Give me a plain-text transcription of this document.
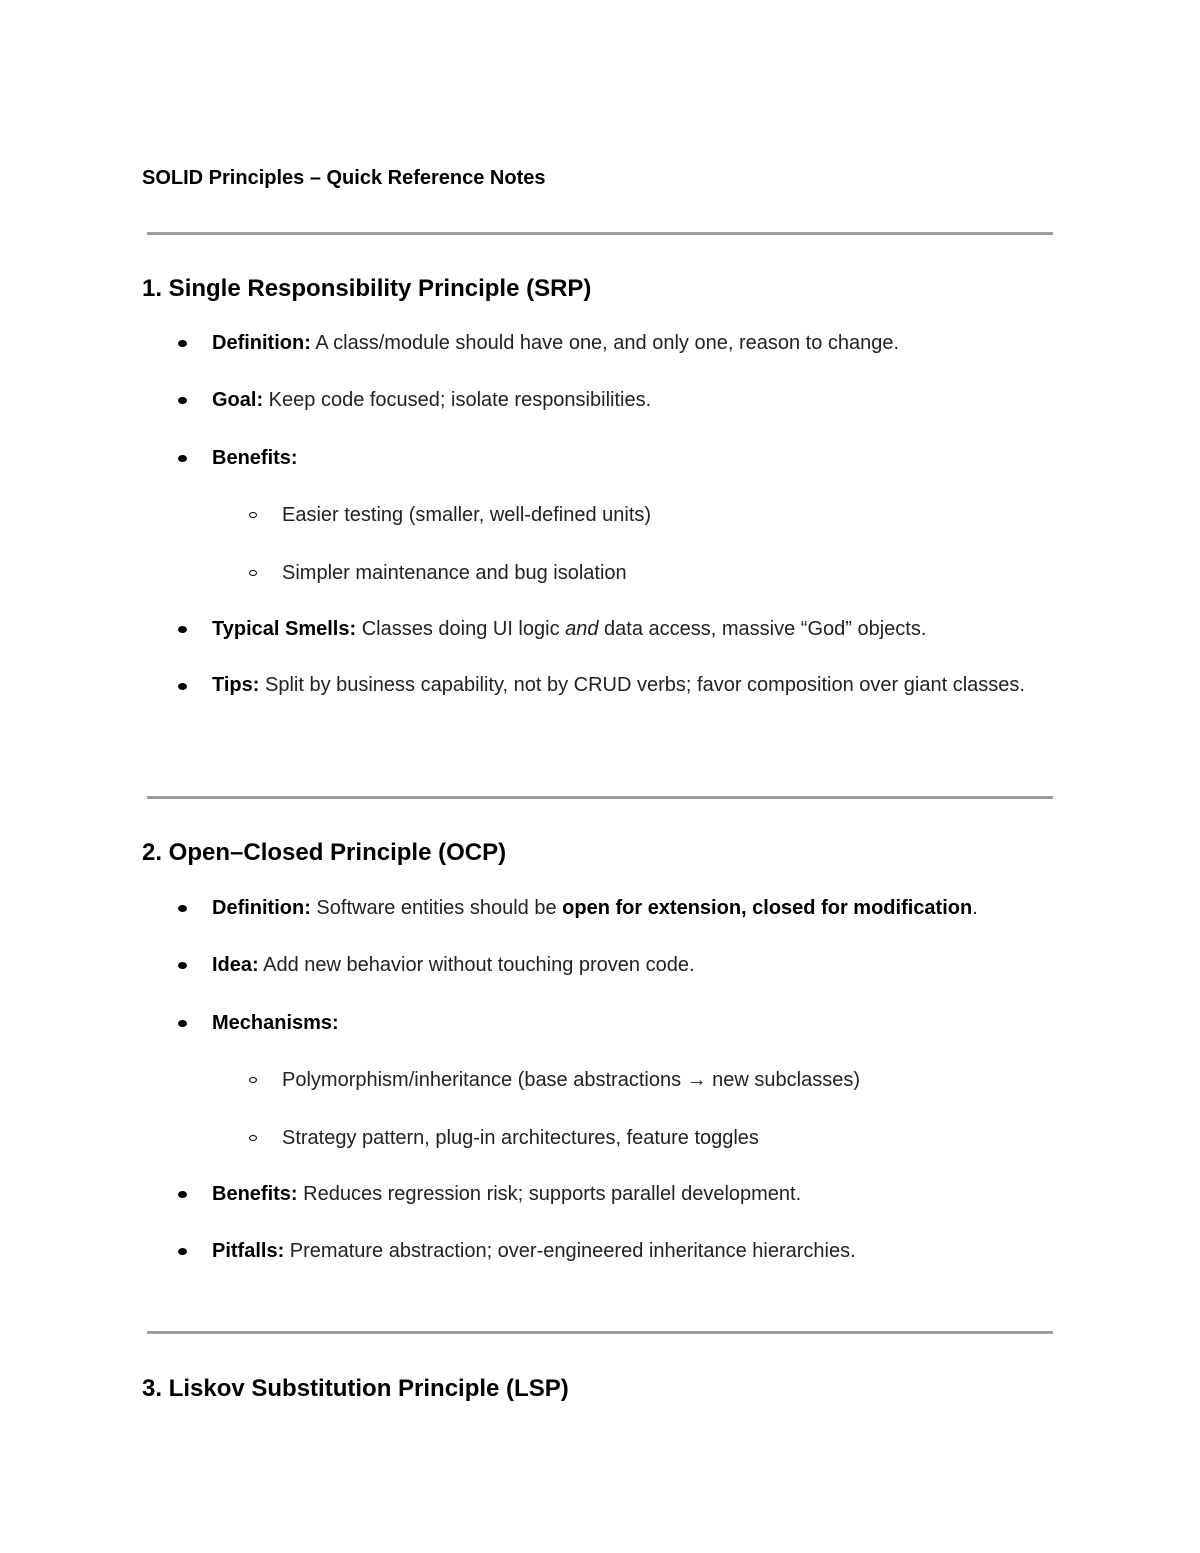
SOLID Principles – Quick Reference Notes
1. Single Responsibility Principle (SRP)
Definition: A class/module should have one, and only one, reason to change.
Goal: Keep code focused; isolate responsibilities.
Benefits:
Easier testing (smaller, well-defined units)
Simpler maintenance and bug isolation
Typical Smells: Classes doing UI logic and data access, massive “God” objects.
Tips: Split by business capability, not by CRUD verbs; favor composition over giant classes.
2. Open–Closed Principle (OCP)
Definition: Software entities should be open for extension, closed for modification.
Idea: Add new behavior without touching proven code.
Mechanisms:
Polymorphism/inheritance (base abstractions → new subclasses)
Strategy pattern, plug-in architectures, feature toggles
Benefits: Reduces regression risk; supports parallel development.
Pitfalls: Premature abstraction; over-engineered inheritance hierarchies.
3. Liskov Substitution Principle (LSP)
